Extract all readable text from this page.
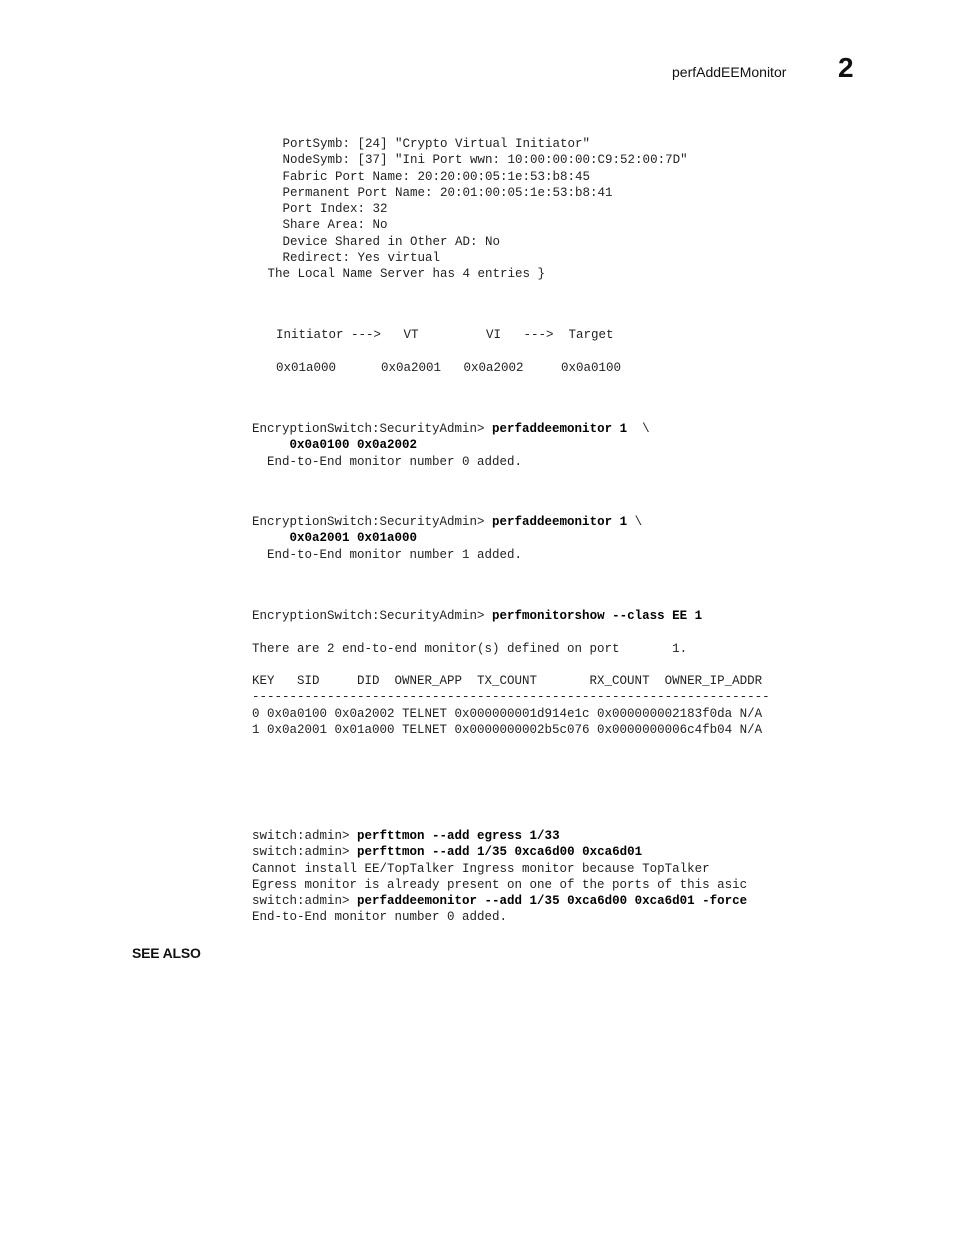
perfAddEEMonitor 2
PortSymb: [24] "Crypto Virtual Initiator"
NodeSymb: [37] "Ini Port wwn: 10:00:00:00:C9:52:00:7D"
Fabric Port Name: 20:20:00:05:1e:53:b8:45
Permanent Port Name: 20:01:00:05:1e:53:b8:41
Port Index: 32
Share Area: No
Device Shared in Other AD: No
Redirect: Yes virtual
The Local Name Server has 4 entries }
Initiator --->   VT         VI   --->  Target

0x01a000      0x0a2001   0x0a2002     0x0a0100
EncryptionSwitch:SecurityAdmin> perfaddeemonitor 1  \
0x0a0100 0x0a2002
End-to-End monitor number 0 added.
EncryptionSwitch:SecurityAdmin> perfaddeemonitor 1 \
0x0a2001 0x01a000
End-to-End monitor number 1 added.
EncryptionSwitch:SecurityAdmin> perfmonitorshow --class EE 1

There are 2 end-to-end monitor(s) defined on port       1.

KEY   SID     DID  OWNER_APP  TX_COUNT       RX_COUNT  OWNER_IP_ADDR
---------------------------------------------------------------------
0 0x0a0100 0x0a2002 TELNET 0x000000001d914e1c 0x000000002183f0da N/A
1 0x0a2001 0x01a000 TELNET 0x0000000002b5c076 0x0000000006c4fb04 N/A
switch:admin> perfttmon --add egress 1/33
switch:admin> perfttmon --add 1/35 0xca6d00 0xca6d01
Cannot install EE/TopTalker Ingress monitor because TopTalker
Egress monitor is already present on one of the ports of this asic
switch:admin> perfaddeemonitor --add 1/35 0xca6d00 0xca6d01 -force
End-to-End monitor number 0 added.
SEE ALSO
